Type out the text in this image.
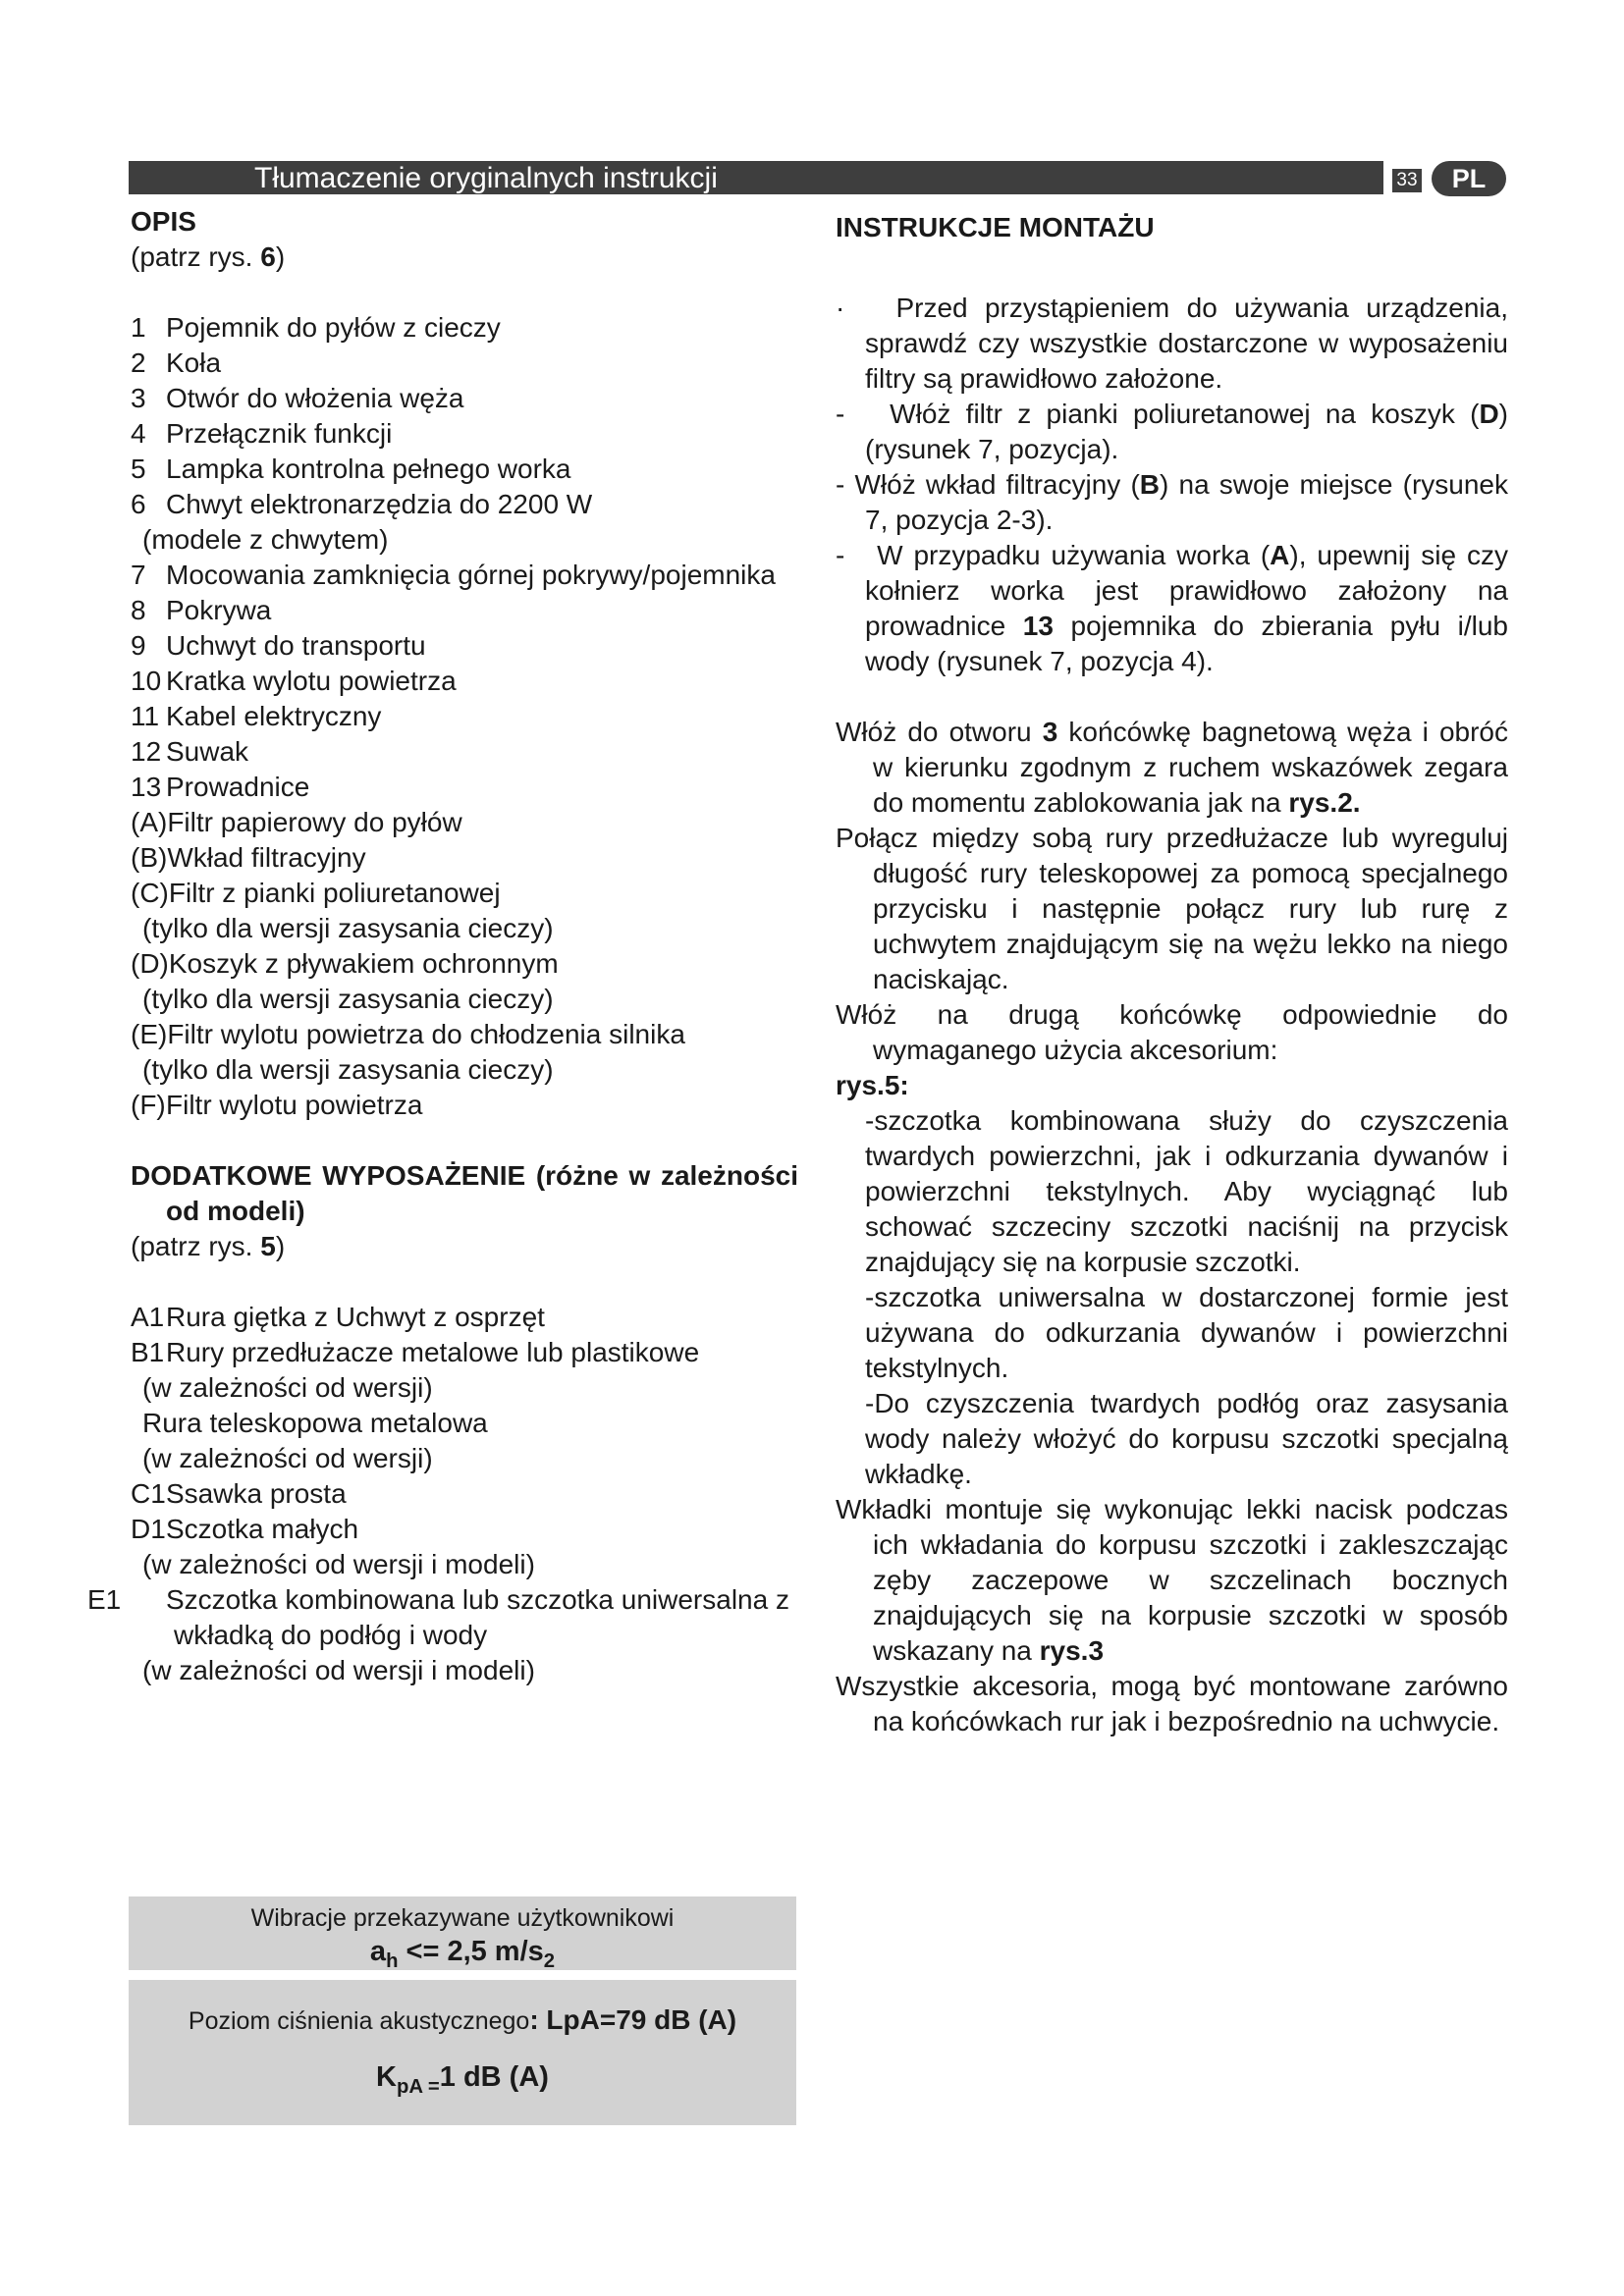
Tłumaczenie oryginalnych instrukcji	33	PL

OPIS

(patrz rys. 6)

1 Pojemnik do pyłów z cieczy

2 Koła

3 Otwór do włożenia węża

4 Przełącznik funkcji

5 Lampka kontrolna pełnego worka

6 Chwyt elektronarzędzia do 2200 W

(modele z chwytem)

7 Mocowania zamknięcia górnej pokrywy/pojemnika

8 Pokrywa

9 Uchwyt do transportu

10 Kratka wylotu powietrza

11 Kabel elektryczny

12 Suwak

13 Prowadnice

(A)Filtr papierowy do pyłów

(B)Wkład filtracyjny

(C)Filtr z pianki poliuretanowej

(tylko dla wersji zasysania cieczy)

(D)Koszyk z pływakiem ochronnym

(tylko dla wersji zasysania cieczy)

(E)Filtr wylotu powietrza do chłodzenia silnika

(tylko dla wersji zasysania cieczy)

(F)Filtr wylotu powietrza

DODATKOWE WYPOSAŻENIE (różne w zależności od modeli)

(patrz rys. 5)

A1Rura giętka z Uchwyt z osprzęt

B1Rury przedłużacze metalowe lub plastikowe

(w zależności od wersji)

Rura teleskopowa metalowa

(w zależności od wersji)

C1Ssawka prosta

D1Sczotka małych

(w zależności od wersji i modeli)

E1 Szczotka kombinowana lub szczotka uniwersalna z wkładką do podłóg i wody

(w zależności od wersji i modeli)

INSTRUKCJE MONTAŻU

·   Przed przystąpieniem do używania urządzenia, sprawdź czy wszystkie dostarczone w wyposażeniu filtry są prawidłowo założone.

-   Włóż filtr z pianki poliuretanowej na koszyk (D) (rysunek 7, pozycja).

- Włóż wkład filtracyjny (B) na swoje miejsce (rysunek 7, pozycja 2-3).

-   W przypadku używania worka (A), upewnij się czy kołnierz worka jest prawidłowo założony na prowadnice 13 pojemnika do zbierania pyłu i/lub wody (rysunek 7, pozycja 4).

Włóż do otworu 3 końcówkę bagnetową węża i obróć w kierunku zgodnym z ruchem wskazówek zegara do momentu zablokowania jak na rys.2.

Połącz między sobą rury przedłużacze lub wyreguluj długość rury teleskopowej za pomocą specjalnego przycisku i następnie połącz rury lub rurę z uchwytem znajdującym się na wężu lekko na niego naciskając.

Włóż na drugą końcówkę odpowiednie do wymaganego użycia akcesorium:

rys.5:

-szczotka kombinowana służy do czyszczenia twardych powierzchni, jak i odkurzania dywanów i powierzchni tekstylnych. Aby wyciągnąć lub schować szczeciny szczotki naciśnij na przycisk znajdujący się na korpusie szczotki.

-szczotka uniwersalna w dostarczonej formie jest używana do odkurzania dywanów i powierzchni tekstylnych.

-Do czyszczenia twardych podłóg oraz zasysania wody należy włożyć do korpusu szczotki specjalną wkładkę.

Wkładki montuje się wykonując lekki nacisk podczas ich wkładania do korpusu szczotki i zakleszczając zęby zaczepowe w szczelinach bocznych znajdujących się na korpusie szczotki w sposób wskazany na rys.3

Wszystkie akcesoria, mogą być montowane zarówno na końcówkach rur jak i bezpośrednio na uchwycie.

Wibracje przekazywane użytkownikowi
$a_h <= 2,5$ $m/s_2$
Poziom ciśnienia akustycznego: LpA=79 dB (A)
$K_{pA =}1$ dB (A)
